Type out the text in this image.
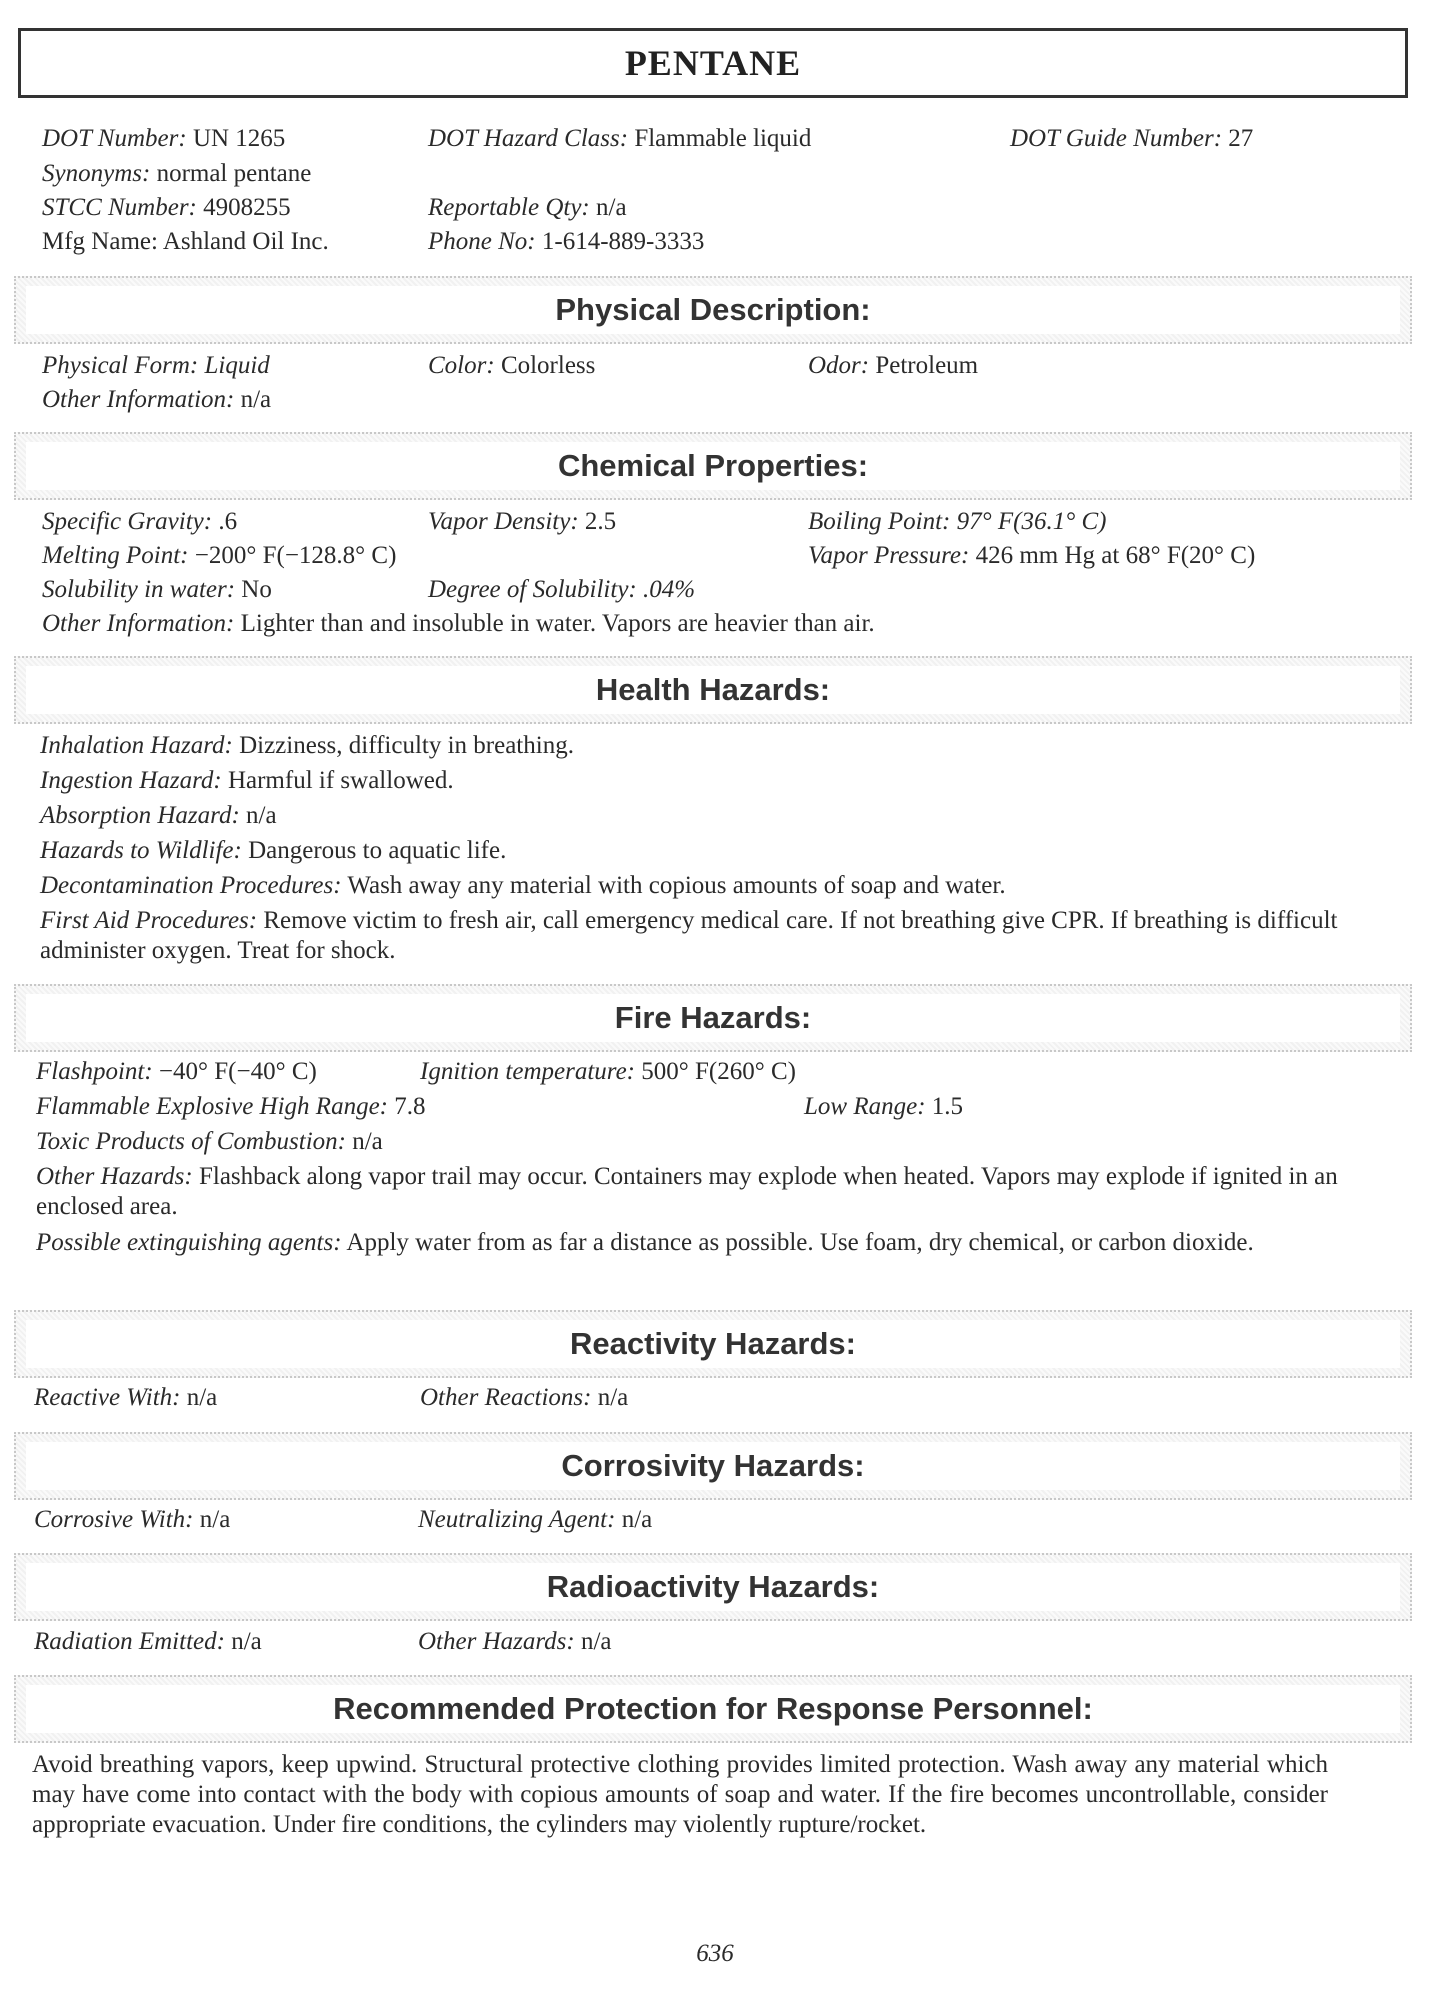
PENTANE
DOT Number: UN 1265	DOT Hazard Class: Flammable liquid	DOT Guide Number: 27
Synonyms: normal pentane
STCC Number: 4908255	Reportable Qty: n/a
Mfg Name: Ashland Oil Inc.	Phone No: 1-614-889-3333
Physical Description:
Physical Form: Liquid	Color: Colorless	Odor: Petroleum
Other Information: n/a
Chemical Properties:
Specific Gravity: .6	Vapor Density: 2.5	Boiling Point: 97° F(36.1° C)
Melting Point: −200° F(−128.8° C)	Vapor Pressure: 426 mm Hg at 68° F(20° C)
Solubility in water: No	Degree of Solubility: .04%
Other Information: Lighter than and insoluble in water. Vapors are heavier than air.
Health Hazards:
Inhalation Hazard: Dizziness, difficulty in breathing.
Ingestion Hazard: Harmful if swallowed.
Absorption Hazard: n/a
Hazards to Wildlife: Dangerous to aquatic life.
Decontamination Procedures: Wash away any material with copious amounts of soap and water.
First Aid Procedures: Remove victim to fresh air, call emergency medical care. If not breathing give CPR. If breathing is difficult administer oxygen. Treat for shock.
Fire Hazards:
Flashpoint: −40° F(−40° C)	Ignition temperature: 500° F(260° C)
Flammable Explosive High Range: 7.8	Low Range: 1.5
Toxic Products of Combustion: n/a
Other Hazards: Flashback along vapor trail may occur. Containers may explode when heated. Vapors may explode if ignited in an enclosed area.
Possible extinguishing agents: Apply water from as far a distance as possible. Use foam, dry chemical, or carbon dioxide.
Reactivity Hazards:
Reactive With: n/a	Other Reactions: n/a
Corrosivity Hazards:
Corrosive With: n/a	Neutralizing Agent: n/a
Radioactivity Hazards:
Radiation Emitted: n/a	Other Hazards: n/a
Recommended Protection for Response Personnel:
Avoid breathing vapors, keep upwind. Structural protective clothing provides limited protection. Wash away any material which may have come into contact with the body with copious amounts of soap and water. If the fire becomes uncontrollable, consider appropriate evacuation. Under fire conditions, the cylinders may violently rupture/rocket.
636
